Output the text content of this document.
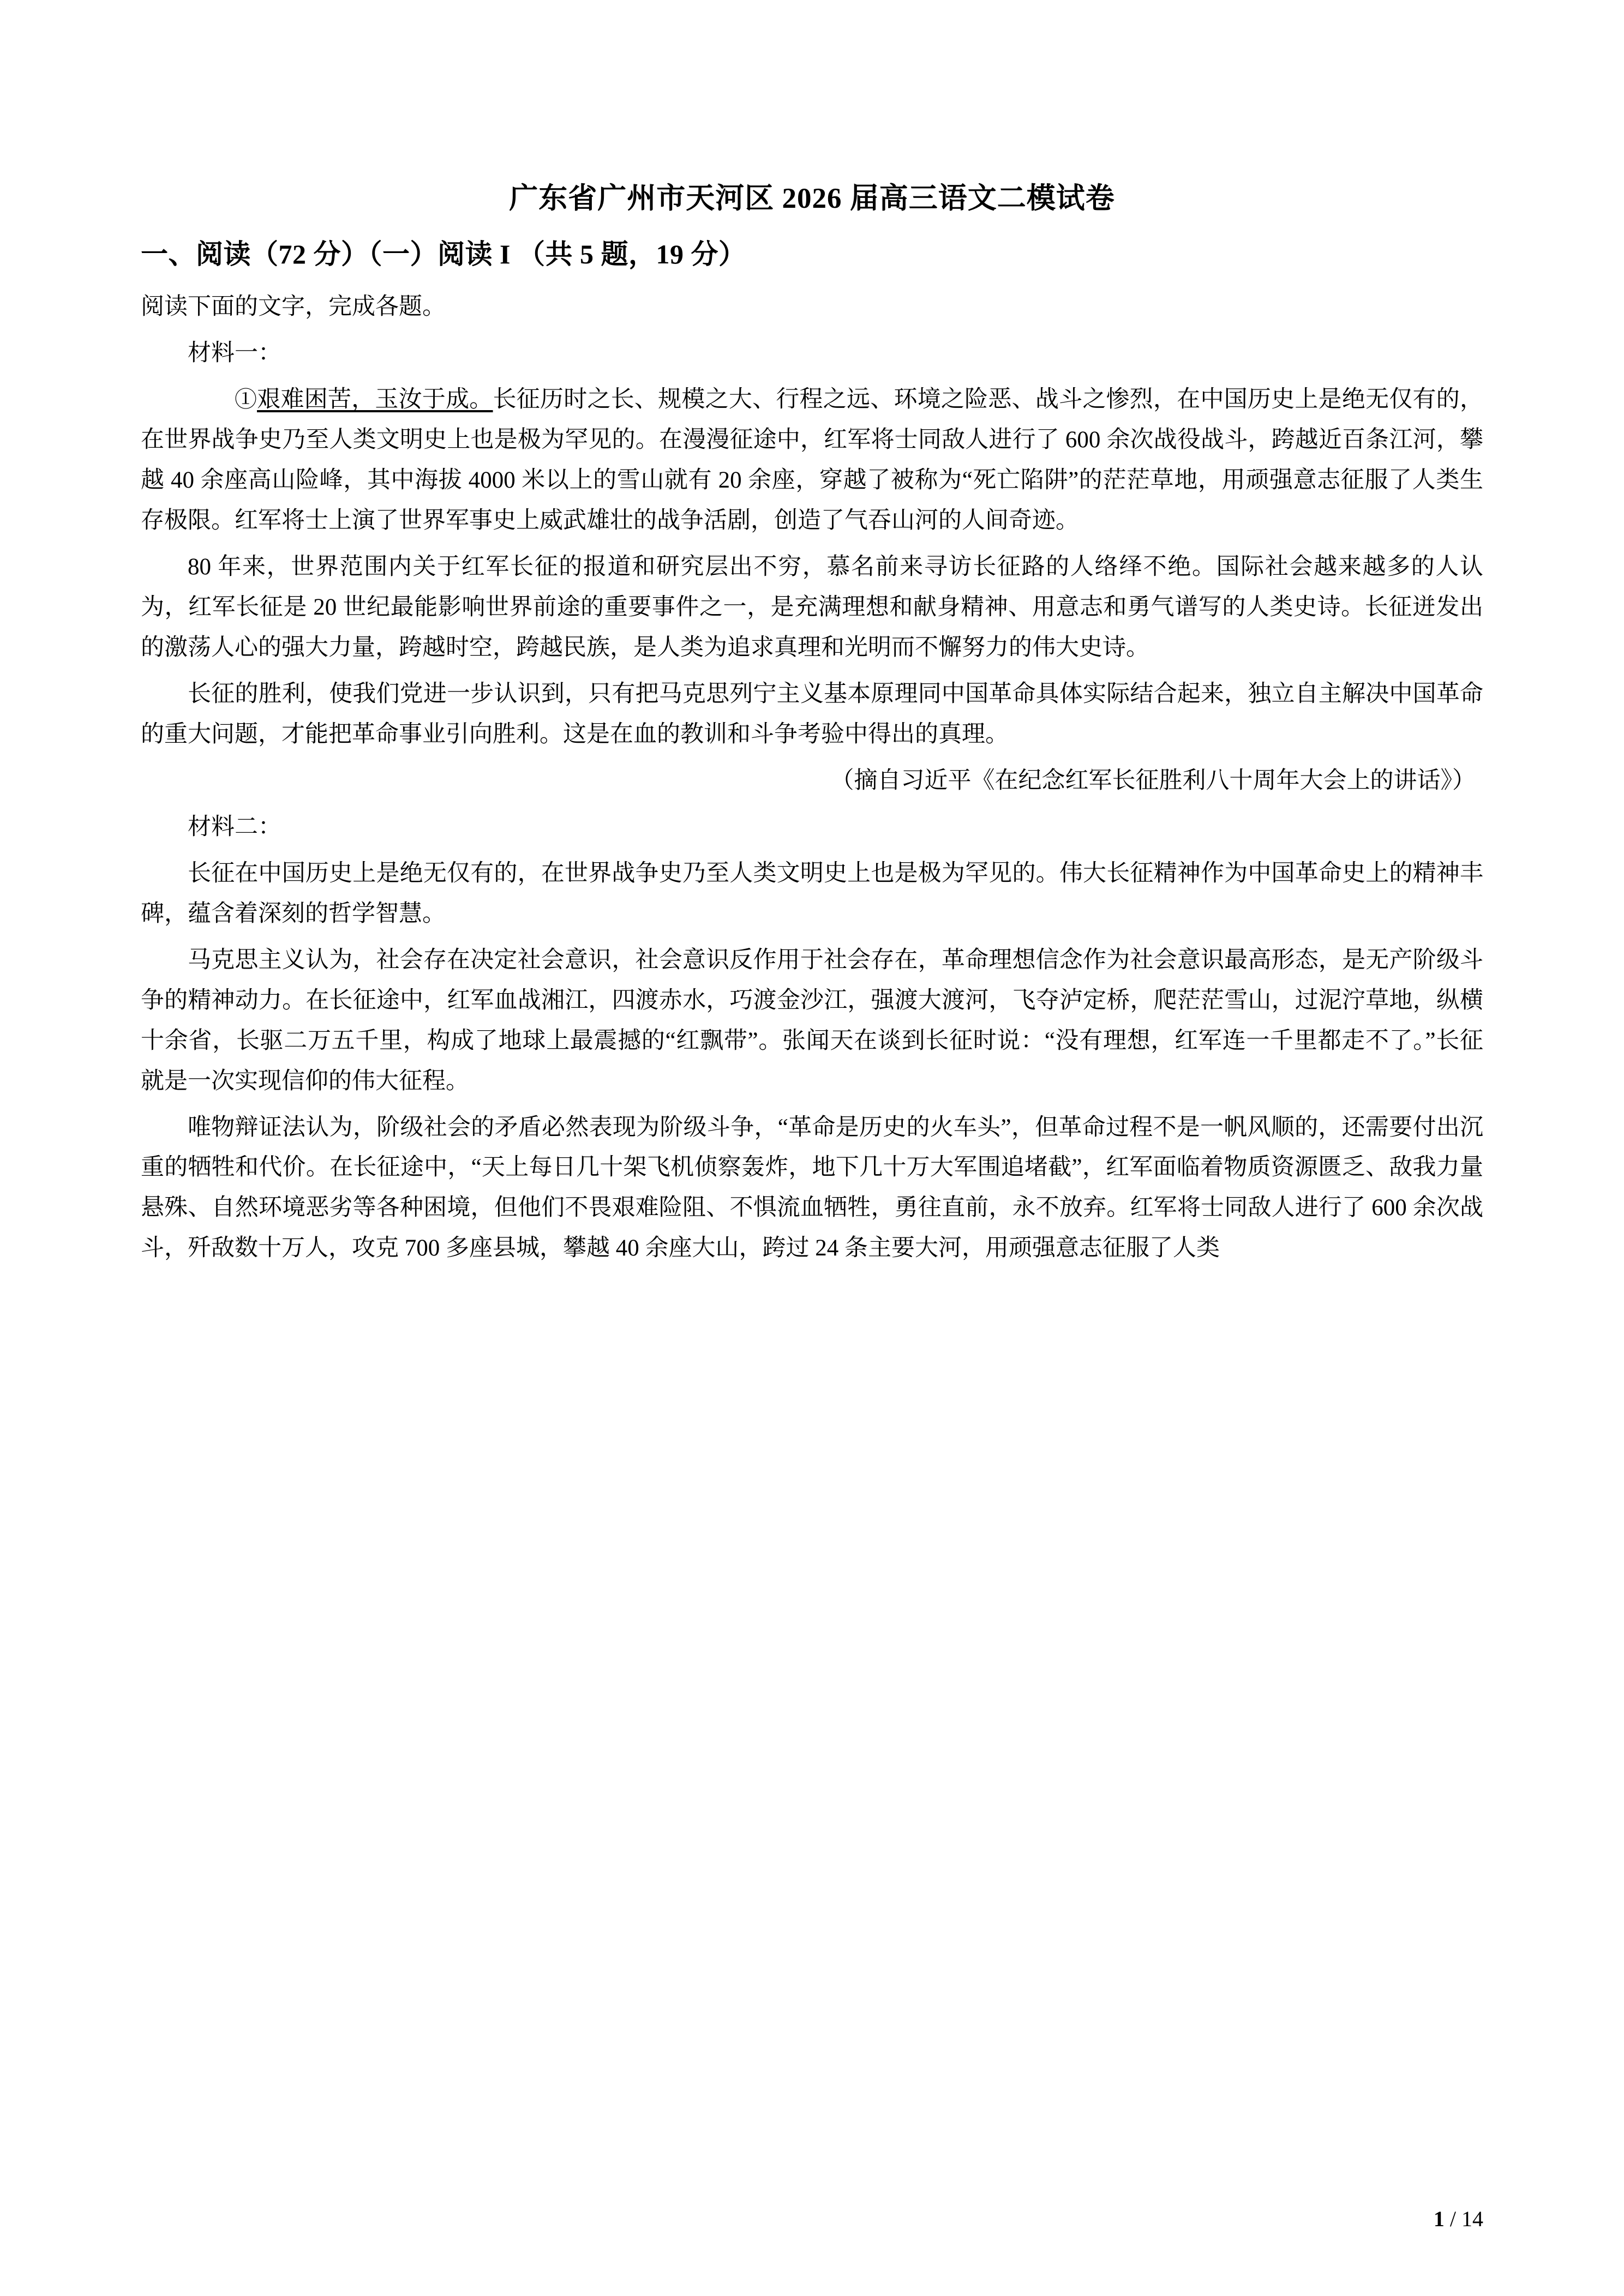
广东省广州市天河区 2026 届高三语文二模试卷
一、阅读（72 分）（一）阅读 I （共 5 题，19 分）

阅读下面的文字，完成各题。

材料一：

①艰难困苦，玉汝于成。长征历时之长、规模之大、行程之远、环境之险恶、战斗之惨烈，在中国历史上是绝无仅有的，在世界战争史乃至人类文明史上也是极为罕见的。在漫漫征途中，红军将士同敌人进行了 600 余次战役战斗，跨越近百条江河，攀越 40 余座高山险峰，其中海拔 4000 米以上的雪山就有 20 余座，穿越了被称为“死亡陷阱”的茫茫草地，用顽强意志征服了人类生存极限。红军将士上演了世界军事史上威武雄壮的战争活剧，创造了气吞山河的人间奇迹。

80 年来，世界范围内关于红军长征的报道和研究层出不穷，慕名前来寻访长征路的人络绎不绝。国际社会越来越多的人认为，红军长征是 20 世纪最能影响世界前途的重要事件之一，是充满理想和献身精神、用意志和勇气谱写的人类史诗。长征迸发出的激荡人心的强大力量，跨越时空，跨越民族，是人类为追求真理和光明而不懈努力的伟大史诗。

长征的胜利，使我们党进一步认识到，只有把马克思列宁主义基本原理同中国革命具体实际结合起来，独立自主解决中国革命的重大问题，才能把革命事业引向胜利。这是在血的教训和斗争考验中得出的真理。

（摘自习近平《在纪念红军长征胜利八十周年大会上的讲话》）

材料二：

长征在中国历史上是绝无仅有的，在世界战争史乃至人类文明史上也是极为罕见的。伟大长征精神作为中国革命史上的精神丰碑，蕴含着深刻的哲学智慧。

马克思主义认为，社会存在决定社会意识，社会意识反作用于社会存在，革命理想信念作为社会意识最高形态，是无产阶级斗争的精神动力。在长征途中，红军血战湘江，四渡赤水，巧渡金沙江，强渡大渡河，飞夺泸定桥，爬茫茫雪山，过泥泞草地，纵横十余省，长驱二万五千里，构成了地球上最震撼的“红飘带”。张闻天在谈到长征时说：“没有理想，红军连一千里都走不了。”长征就是一次实现信仰的伟大征程。

唯物辩证法认为，阶级社会的矛盾必然表现为阶级斗争，“革命是历史的火车头”，但革命过程不是一帆风顺的，还需要付出沉重的牺牲和代价。在长征途中，“天上每日几十架飞机侦察轰炸，地下几十万大军围追堵截”，红军面临着物质资源匮乏、敌我力量悬殊、自然环境恶劣等各种困境，但他们不畏艰难险阻、不惧流血牺牲，勇往直前，永不放弃。红军将士同敌人进行了 600 余次战斗，歼敌数十万人，攻克 700 多座县城，攀越 40 余座大山，跨过 24 条主要大河，用顽强意志征服了人类

1 / 14
